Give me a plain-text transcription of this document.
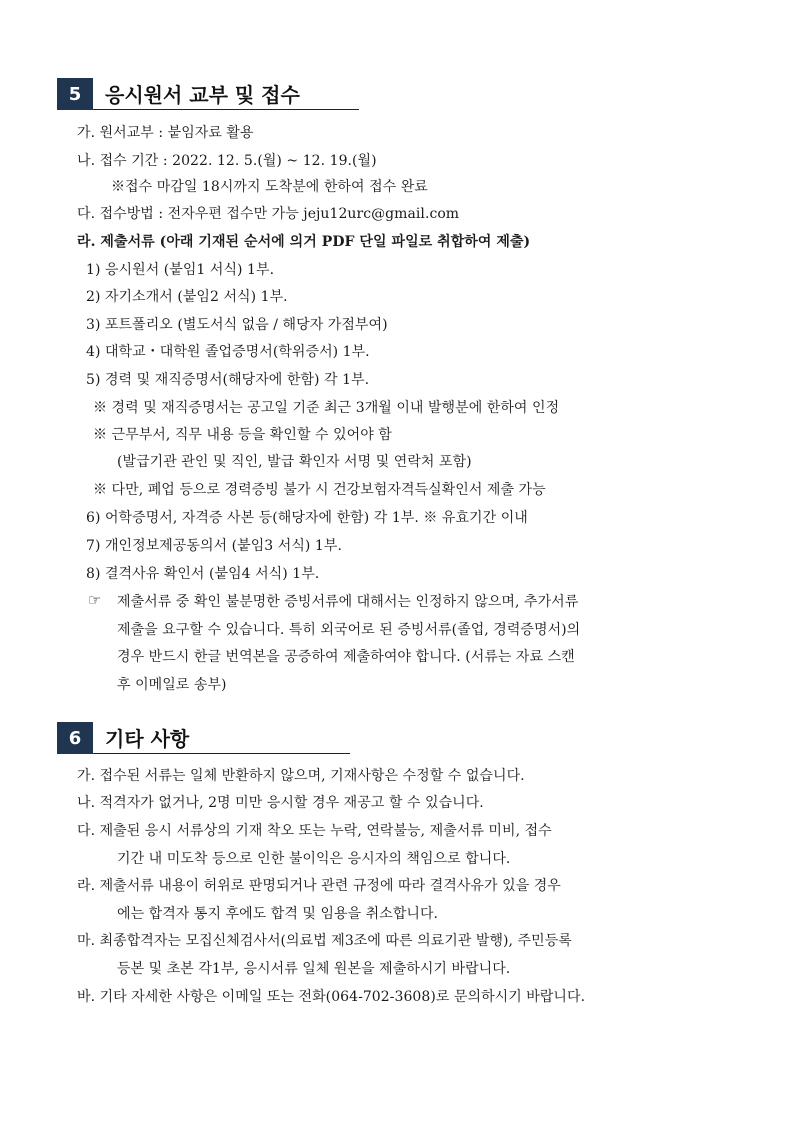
5	응시원서 교부 및 접수
가. 원서교부 : 붙임자료 활용
나. 접수 기간 : 2022. 12. 5.(월) ~ 12. 19.(월)
※접수 마감일 18시까지 도착분에 한하여 접수 완료
다. 접수방법 : 전자우편 접수만 가능 jeju12urc@gmail.com
라. 제출서류 (아래 기재된 순서에 의거 PDF 단일 파일로 취합하여 제출)
1) 응시원서 (붙임1 서식) 1부.
2) 자기소개서 (붙임2 서식) 1부.
3) 포트폴리오 (별도서식 없음 / 해당자 가점부여)
4) 대학교・대학원 졸업증명서(학위증서) 1부.
5) 경력 및 재직증명서(해당자에 한함) 각 1부.
※ 경력 및 재직증명서는 공고일 기준 최근 3개월 이내 발행분에 한하여 인정
※ 근무부서, 직무 내용 등을 확인할 수 있어야 함
(발급기관 관인 및 직인, 발급 확인자 서명 및 연락처 포함)
※ 다만, 폐업 등으로 경력증빙 불가 시 건강보험자격득실확인서 제출 가능
6) 어학증명서, 자격증 사본 등(해당자에 한함) 각 1부. ※ 유효기간 이내
7) 개인정보제공동의서 (붙임3 서식) 1부.
8) 결격사유 확인서 (붙임4 서식) 1부.
☞ 제출서류 중 확인 불분명한 증빙서류에 대해서는 인정하지 않으며, 추가서류
제출을 요구할 수 있습니다. 특히 외국어로 된 증빙서류(졸업, 경력증명서)의
경우 반드시 한글 번역본을 공증하여 제출하여야 합니다. (서류는 자료 스캔
후 이메일로 송부)
6	기타 사항
가. 접수된 서류는 일체 반환하지 않으며, 기재사항은 수정할 수 없습니다.
나. 적격자가 없거나, 2명 미만 응시할 경우 재공고 할 수 있습니다.
다. 제출된 응시 서류상의 기재 착오 또는 누락, 연락불능, 제출서류 미비, 접수
기간 내 미도착 등으로 인한 불이익은 응시자의 책임으로 합니다.
라. 제출서류 내용이 허위로 판명되거나 관련 규정에 따라 결격사유가 있을 경우
에는 합격자 통지 후에도 합격 및 임용을 취소합니다.
마. 최종합격자는 모집신체검사서(의료법 제3조에 따른 의료기관 발행), 주민등록
등본 및 초본 각1부, 응시서류 일체 원본을 제출하시기 바랍니다.
바. 기타 자세한 사항은 이메일 또는 전화(064-702-3608)로 문의하시기 바랍니다.
